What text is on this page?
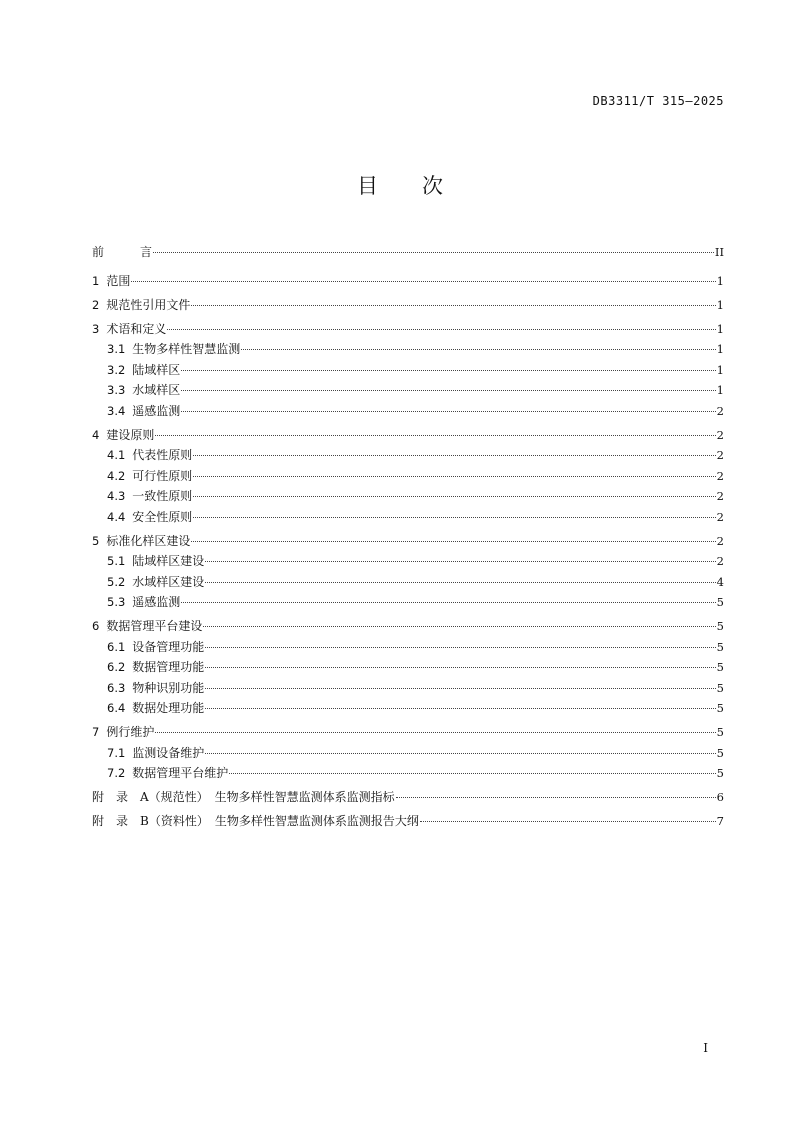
DB3311/T 315—2025
目 次
前　　　言	II
1 范围	1
2 规范性引用文件	1
3 术语和定义	1
3.1 生物多样性智慧监测	1
3.2 陆域样区	1
3.3 水域样区	1
3.4 遥感监测	2
4 建设原则	2
4.1 代表性原则	2
4.2 可行性原则	2
4.3 一致性原则	2
4.4 安全性原则	2
5 标准化样区建设	2
5.1 陆域样区建设	2
5.2 水域样区建设	4
5.3 遥感监测	5
6 数据管理平台建设	5
6.1 设备管理功能	5
6.2 数据管理功能	5
6.3 物种识别功能	5
6.4 数据处理功能	5
7 例行维护	5
7.1 监测设备维护	5
7.2 数据管理平台维护	5
附　录　A（规范性）　生物多样性智慧监测体系监测指标	6
附　录　B（资料性）　生物多样性智慧监测体系监测报告大纲	7
I
